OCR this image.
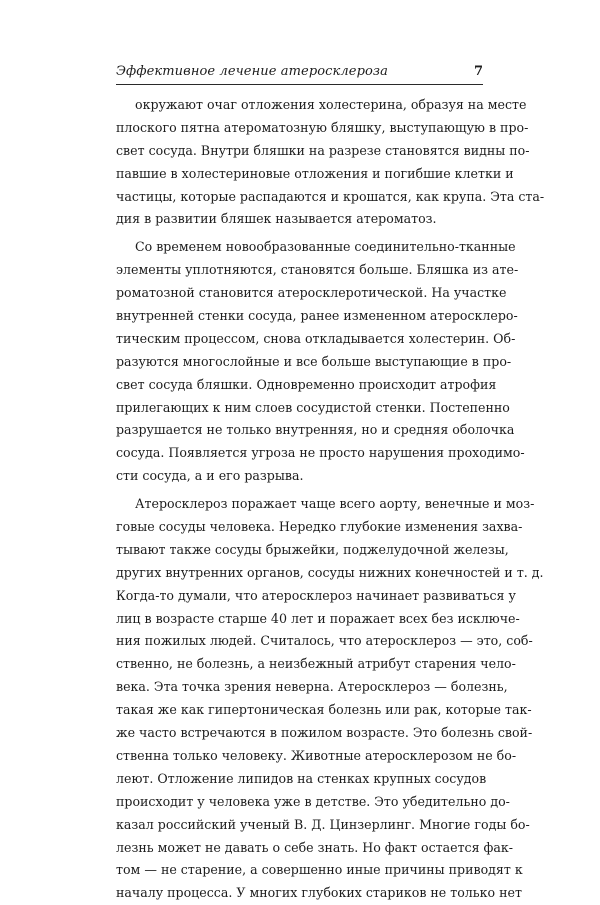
Эффективное лечение атеросклероза	7
окружают очаг отложения холестерина, образуя на месте
плоского пятна атероматозную бляшку, выступающую в про-
свет сосуда. Внутри бляшки на разрезе становятся видны по-
павшие в холестериновые отложения и погибшие клетки и
частицы, которые распадаются и крошатся, как крупа. Эта ста-
дия в развитии бляшек называется атероматоз.
Со временем новообразованные соединительно-тканные
элементы уплотняются, становятся больше. Бляшка из ате-
роматозной становится атеросклеротической. На участке
внутренней стенки сосуда, ранее измененном атеросклеро-
тическим процессом, снова откладывается холестерин. Об-
разуются многослойные и все больше выступающие в про-
свет сосуда бляшки. Одновременно происходит атрофия
прилегающих к ним слоев сосудистой стенки. Постепенно
разрушается не только внутренняя, но и средняя оболочка
сосуда. Появляется угроза не просто нарушения проходимо-
сти сосуда, а и его разрыва.
Атеросклероз поражает чаще всего аорту, венечные и моз-
говые сосуды человека. Нередко глубокие изменения захва-
тывают также сосуды брыжейки, поджелудочной железы,
других внутренних органов, сосуды нижних конечностей и т. д.
Когда-то думали, что атеросклероз начинает развиваться у
лиц в возрасте старше 40 лет и поражает всех без исключе-
ния пожилых людей. Считалось, что атеросклероз — это, соб-
ственно, не болезнь, а неизбежный атрибут старения чело-
века. Эта точка зрения неверна. Атеросклероз — болезнь,
такая же как гипертоническая болезнь или рак, которые так-
же часто встречаются в пожилом возрасте. Это болезнь свой-
ственна только человеку. Животные атеросклерозом не бо-
леют. Отложение липидов на стенках крупных сосудов
происходит у человека уже в детстве. Это убедительно до-
казал российский ученый В. Д. Цинзерлинг. Многие годы бо-
лезнь может не давать о себе знать. Но факт остается фак-
том — не старение, а совершенно иные причины приводят к
началу процесса. У многих глубоких стариков не только нет
